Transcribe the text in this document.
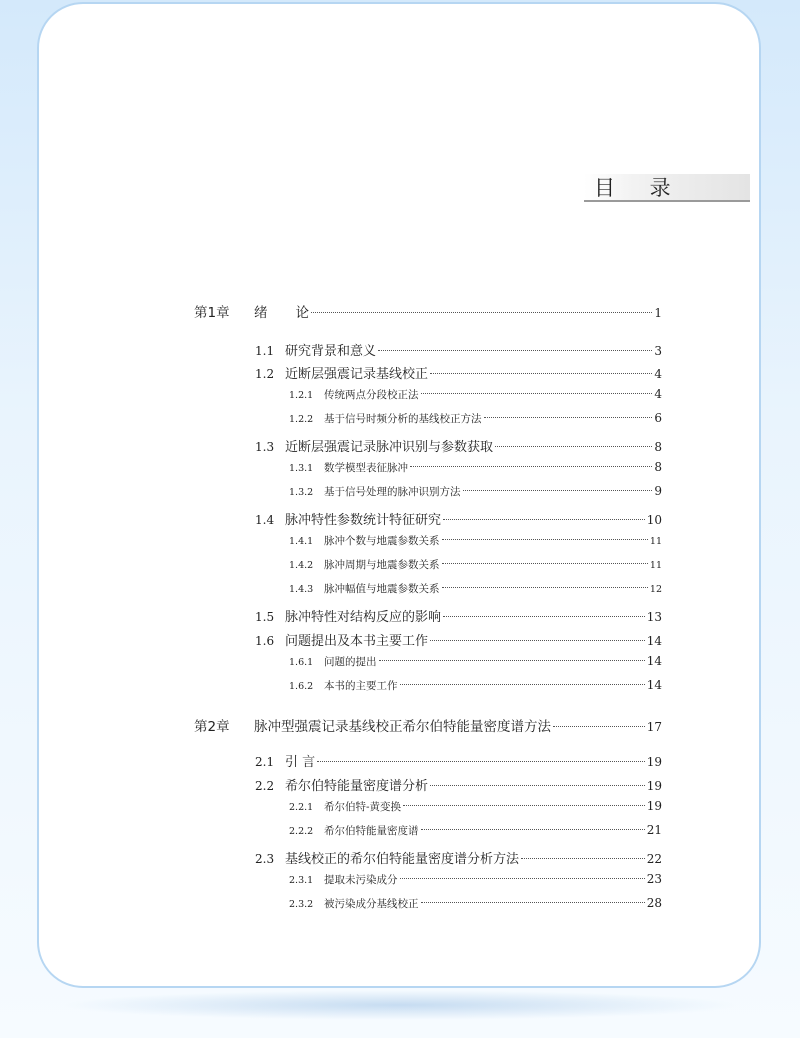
目 录
第1章	绪论	1
1.1 研究背景和意义	3
1.2 近断层强震记录基线校正	4
1.2.1	传统两点分段校正法	4
1.2.2	基于信号时频分析的基线校正方法	6
1.3 近断层强震记录脉冲识别与参数获取	8
1.3.1	数学模型表征脉冲	8
1.3.2	基于信号处理的脉冲识别方法	9
1.4 脉冲特性参数统计特征研究	10
1.4.1	脉冲个数与地震参数关系	11
1.4.2	脉冲周期与地震参数关系	11
1.4.3	脉冲幅值与地震参数关系	12
1.5 脉冲特性对结构反应的影响	13
1.6 问题提出及本书主要工作	14
1.6.1	问题的提出	14
1.6.2	本书的主要工作	14
第2章	脉冲型强震记录基线校正希尔伯特能量密度谱方法	17
2.1 引 言	19
2.2 希尔伯特能量密度谱分析	19
2.2.1	希尔伯特-黄变换	19
2.2.2	希尔伯特能量密度谱	21
2.3 基线校正的希尔伯特能量密度谱分析方法	22
2.3.1	提取未污染成分	23
2.3.2	被污染成分基线校正	28
